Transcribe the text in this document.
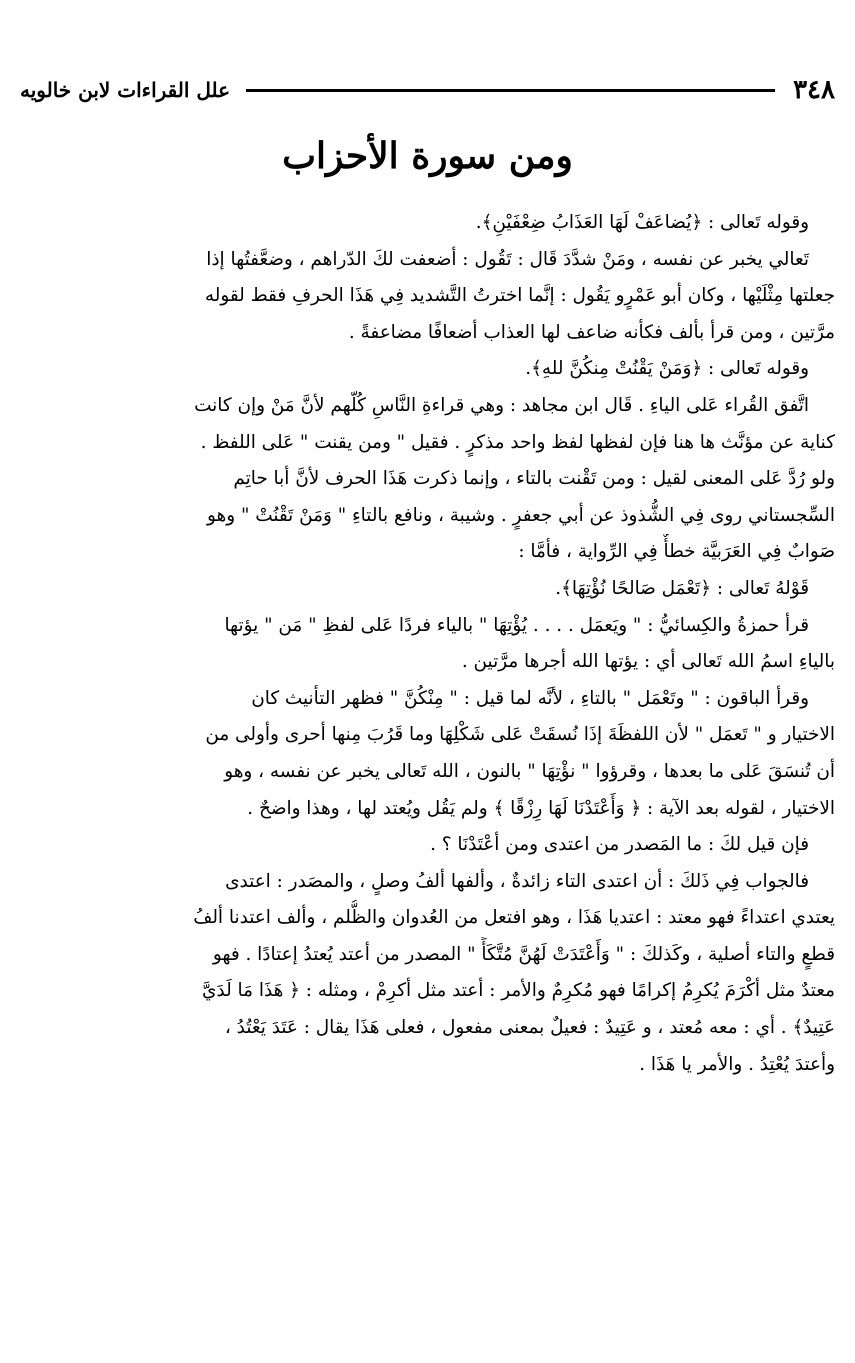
٣٤٨
علل القراءات لابن خالويه
ومن سورة الأحزاب
وقوله تَعالى : ﴿يُضاعَفْ لَهَا العَذَابُ ضِعْفَيْنِ﴾.
تَعالي يخبر عن نفسه ، ومَنْ شدَّدَ قَال : تَقُول : أضعفت لكَ الدّراهم ، وضعَّفتُها إذا
جعلتها مِثْلَيْها ، وكان أبو عَمْرٍو يَقُول : إنَّما اخترتُ التَّشديد فِي هَذَا الحرفِ فقط لقوله
مرَّتين ، ومن قرأ بألف فكأنه ضاعف لها العذاب أضعافًا مضاعفةً .
وقوله تَعالى : ﴿وَمَنْ يَقْنُتْ مِنكُنَّ للهِ﴾.
اتَّفق القُراء عَلى الياءِ . قَال ابن مجاهد : وهي قراءةِ النَّاسِ كُلّهم لأنَّ مَنْ وإن كانت
كناية عن مؤنَّث ها هنا فإن لفظها لفظ واحد مذكرٍ . فقيل " ومن يقنت " عَلى اللفظ .
ولو رُدَّ عَلى المعنى لقيل : ومن تَقْنت بالتاء ، وإنما ذكرت هَذَا الحرف لأنَّ أبا حاتِم
السِّجستاني روى فِي الشُّذوذ عن أبي جعفرٍ . وشيبة ، ونافع بالتاءِ " وَمَنْ تَقْنُتْ " وهو
صَوابٌ فِي العَرَبيَّة خطأٌ فِي الرِّواية ، فأمَّا :
قَوْلهُ تَعالى : ﴿تَعْمَل صَالحًا نُؤْتِهَا﴾.
قرأ حمزةُ والكِسائيُّ : " ويَعمَل . . . . يُؤْتِهَا " بالياء فردًا عَلى لفظِ " مَن " يؤتها
بالياءِ اسمُ الله تَعالى أي : يؤتها الله أجرها مرَّتين .
وقرأ الباقون : " وتَعْمَل " بالتاءِ ، لأنَّه لما قيل : " مِنْكُنَّ " فظهر التأنيث كان
الاختيار و " تَعمَل " لأن اللفظَةَ إذَا نُسقَتْ عَلى شَكْلِهَا وما قَرُبَ مِنها أحرى وأولى من
أن تُنسَقَ عَلى ما بعدها ، وقرؤوا " نؤْتِهَا " بالنون ، الله تَعالى يخبر عن نفسه ، وهو
الاختيار ، لقوله بعد الآية : ﴿ وَأَعْتَدْنَا لَهَا رِزْقًا ﴾ ولم يَقُل ويُعتد لها ، وهذا واضحٌ .
فإن قيل لكَ : ما المَصدر من اعتدى ومن أعْتَدْنَا ؟ .
فالجواب فِي ذَلكَ : أن اعتدى التاء زائدةٌ ، وألفها ألفُ وصلٍ ، والمصَدر : اعتدى
يعتدي اعتداءً فهو معتد : اعتديا هَذَا ، وهو افتعل من العُدوان والظُّلم ، وألف اعتدنا ألفُ
قطعٍ والتاء أصلية ، وكَذلكَ : " وَأَعْتَدَتْ لَهُنَّ مُتَّكَأً " المصدر من أعتد يُعتدُ إعتادًا . فهو
معتدٌ مثل أكْرَمَ يُكرِمُ إكرامًا فهو مُكرِمٌ والأمر : أعتد مثل أكرِمْ ، ومثله : ﴿ هَذَا مَا لَدَيَّ
عَتِيدٌ﴾ . أي : معه مُعتد ، و عَتِيدٌ : فعيلٌ بمعنى مفعول ، فعلى هَذَا يقال : عَتَدَ يَعْتُدُ ،
وأعتدَ يُعْتِدُ . والأمر يا هَذَا .
